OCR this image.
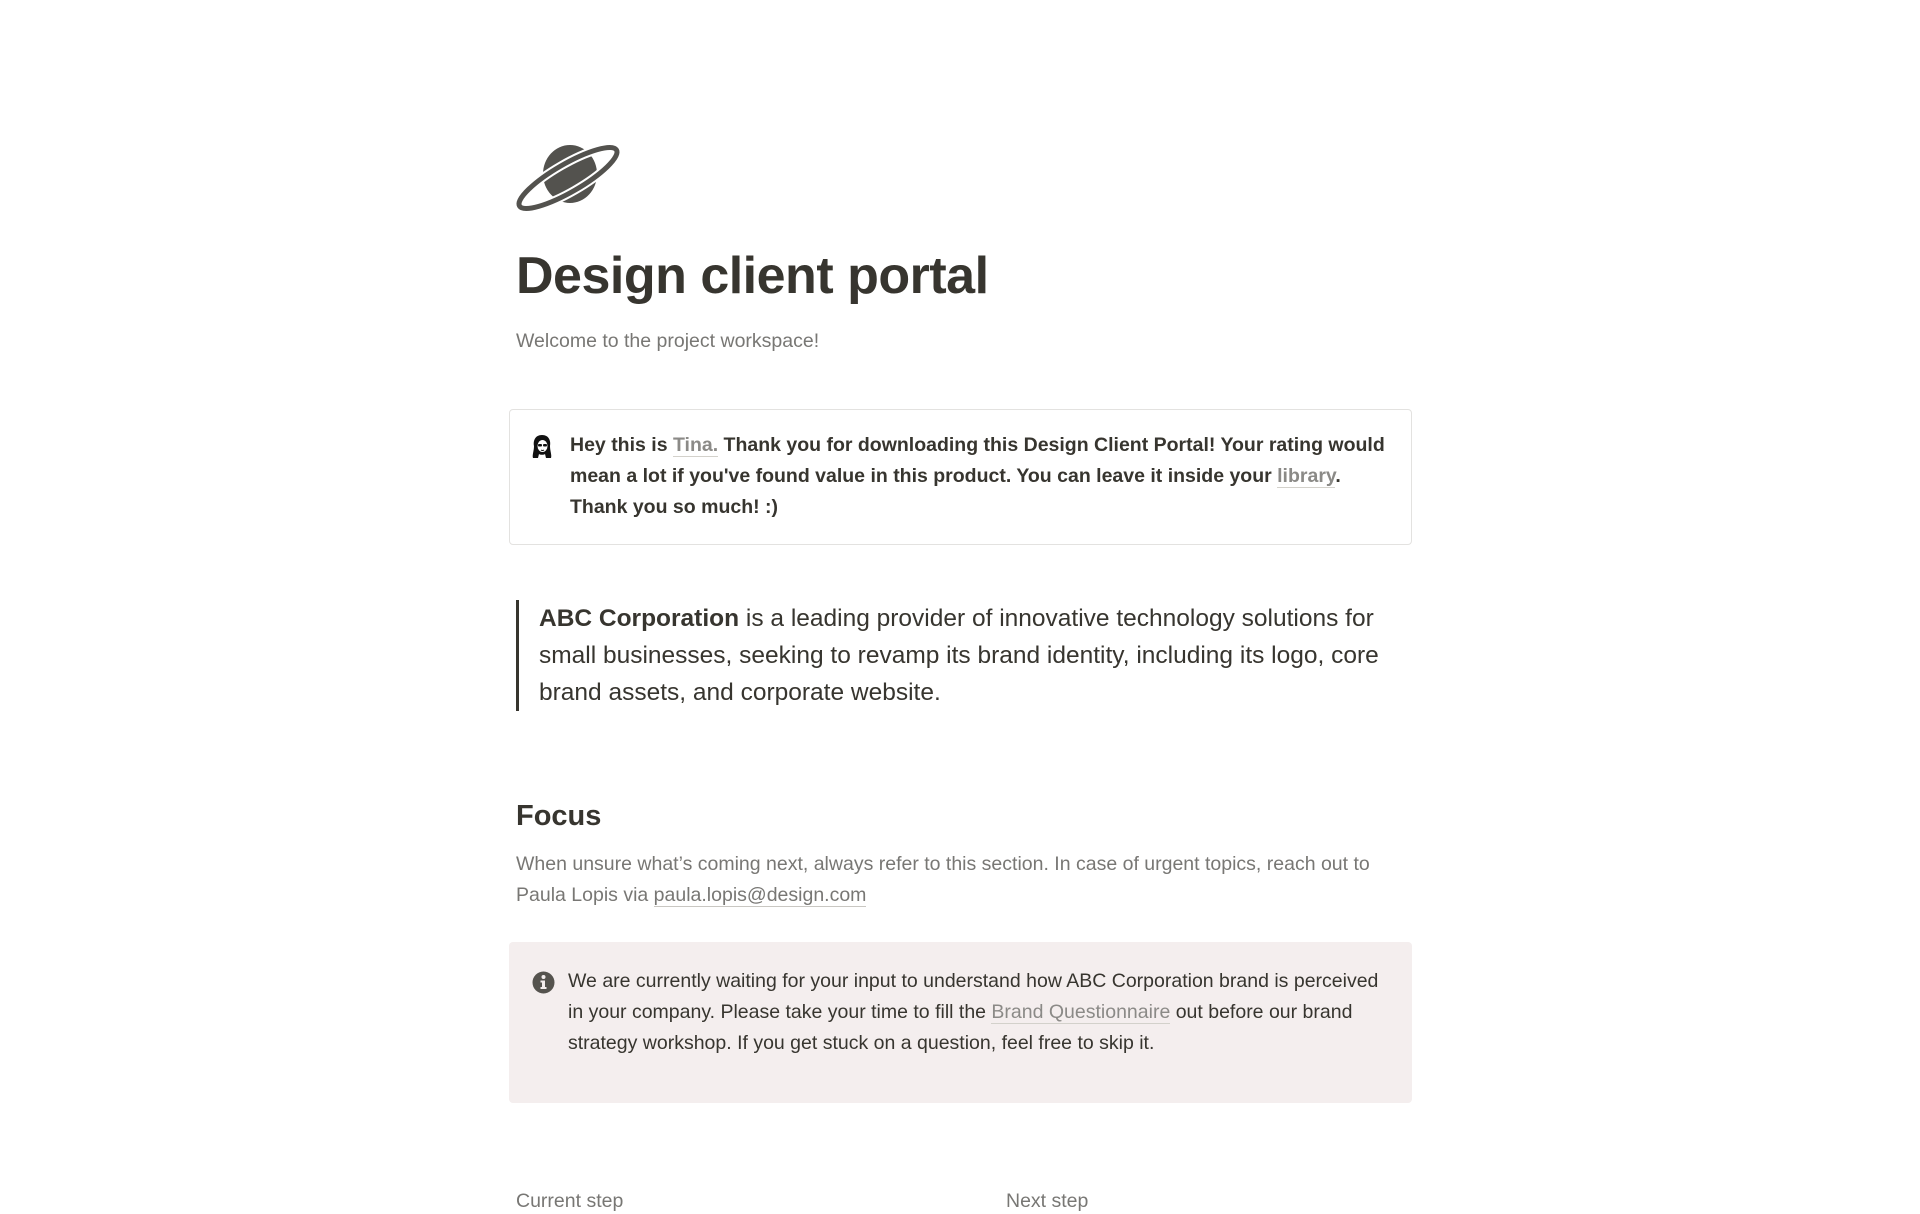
Design client portal
Welcome to the project workspace!
Hey this is Tina. Thank you for downloading this Design Client Portal! Your rating would mean a lot if you've found value in this product. You can leave it inside your library. Thank you so much! :)
ABC Corporation is a leading provider of innovative technology solutions for small businesses, seeking to revamp its brand identity, including its logo, core brand assets, and corporate website.
Focus
When unsure what’s coming next, always refer to this section. In case of urgent topics, reach out to Paula Lopis via paula.lopis@design.com
We are currently waiting for your input to understand how ABC Corporation brand is perceived in your company. Please take your time to fill the Brand Questionnaire out before our brand strategy workshop. If you get stuck on a question, feel free to skip it.
Current step	Next step
